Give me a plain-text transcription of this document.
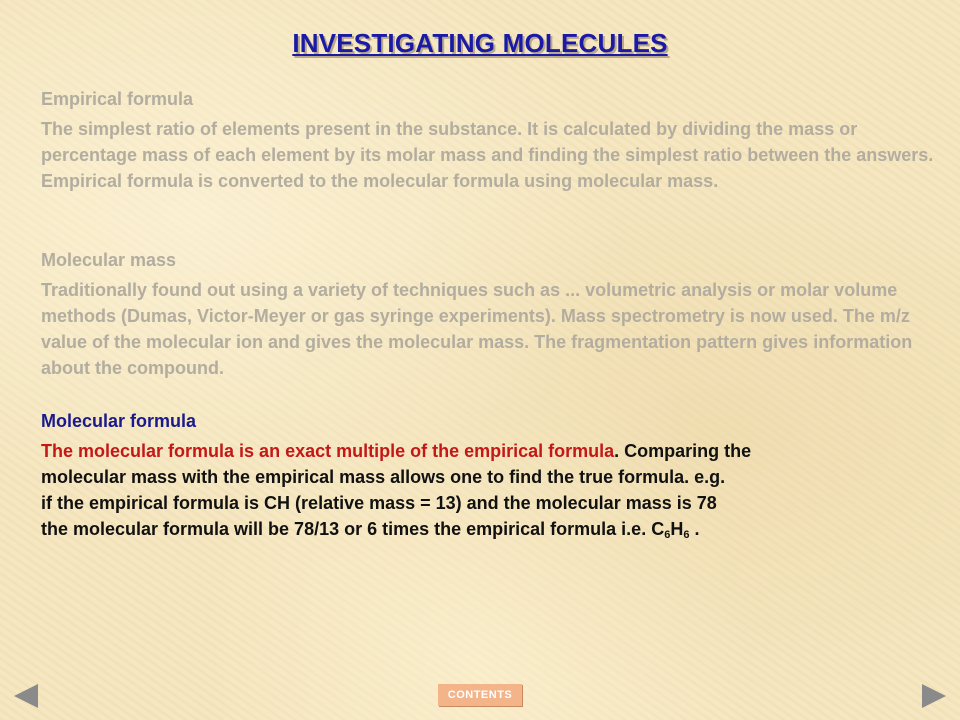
INVESTIGATING MOLECULES
Empirical formula

The simplest ratio of elements present in the substance. It is calculated by dividing the mass or percentage mass of each element by its molar mass and finding the simplest ratio between the answers. Empirical formula is converted to the molecular formula using molecular mass.

Molecular mass

Traditionally found out using a variety of techniques such as ... volumetric analysis or molar volume methods (Dumas, Victor-Meyer or gas syringe experiments). Mass spectrometry is now used. The m/z value of the molecular ion and gives the molecular mass. The fragmentation pattern gives information about the compound.

Molecular formula
The molecular formula is an exact multiple of the empirical formula. Comparing the
molecular mass with the empirical mass allows one to find the true formula. e.g.
if the empirical formula is CH (relative mass = 13) and the molecular mass is 78
the molecular formula will be 78/13 or 6 times the empirical formula i.e. $C_6H_6$ .
CONTENTS
